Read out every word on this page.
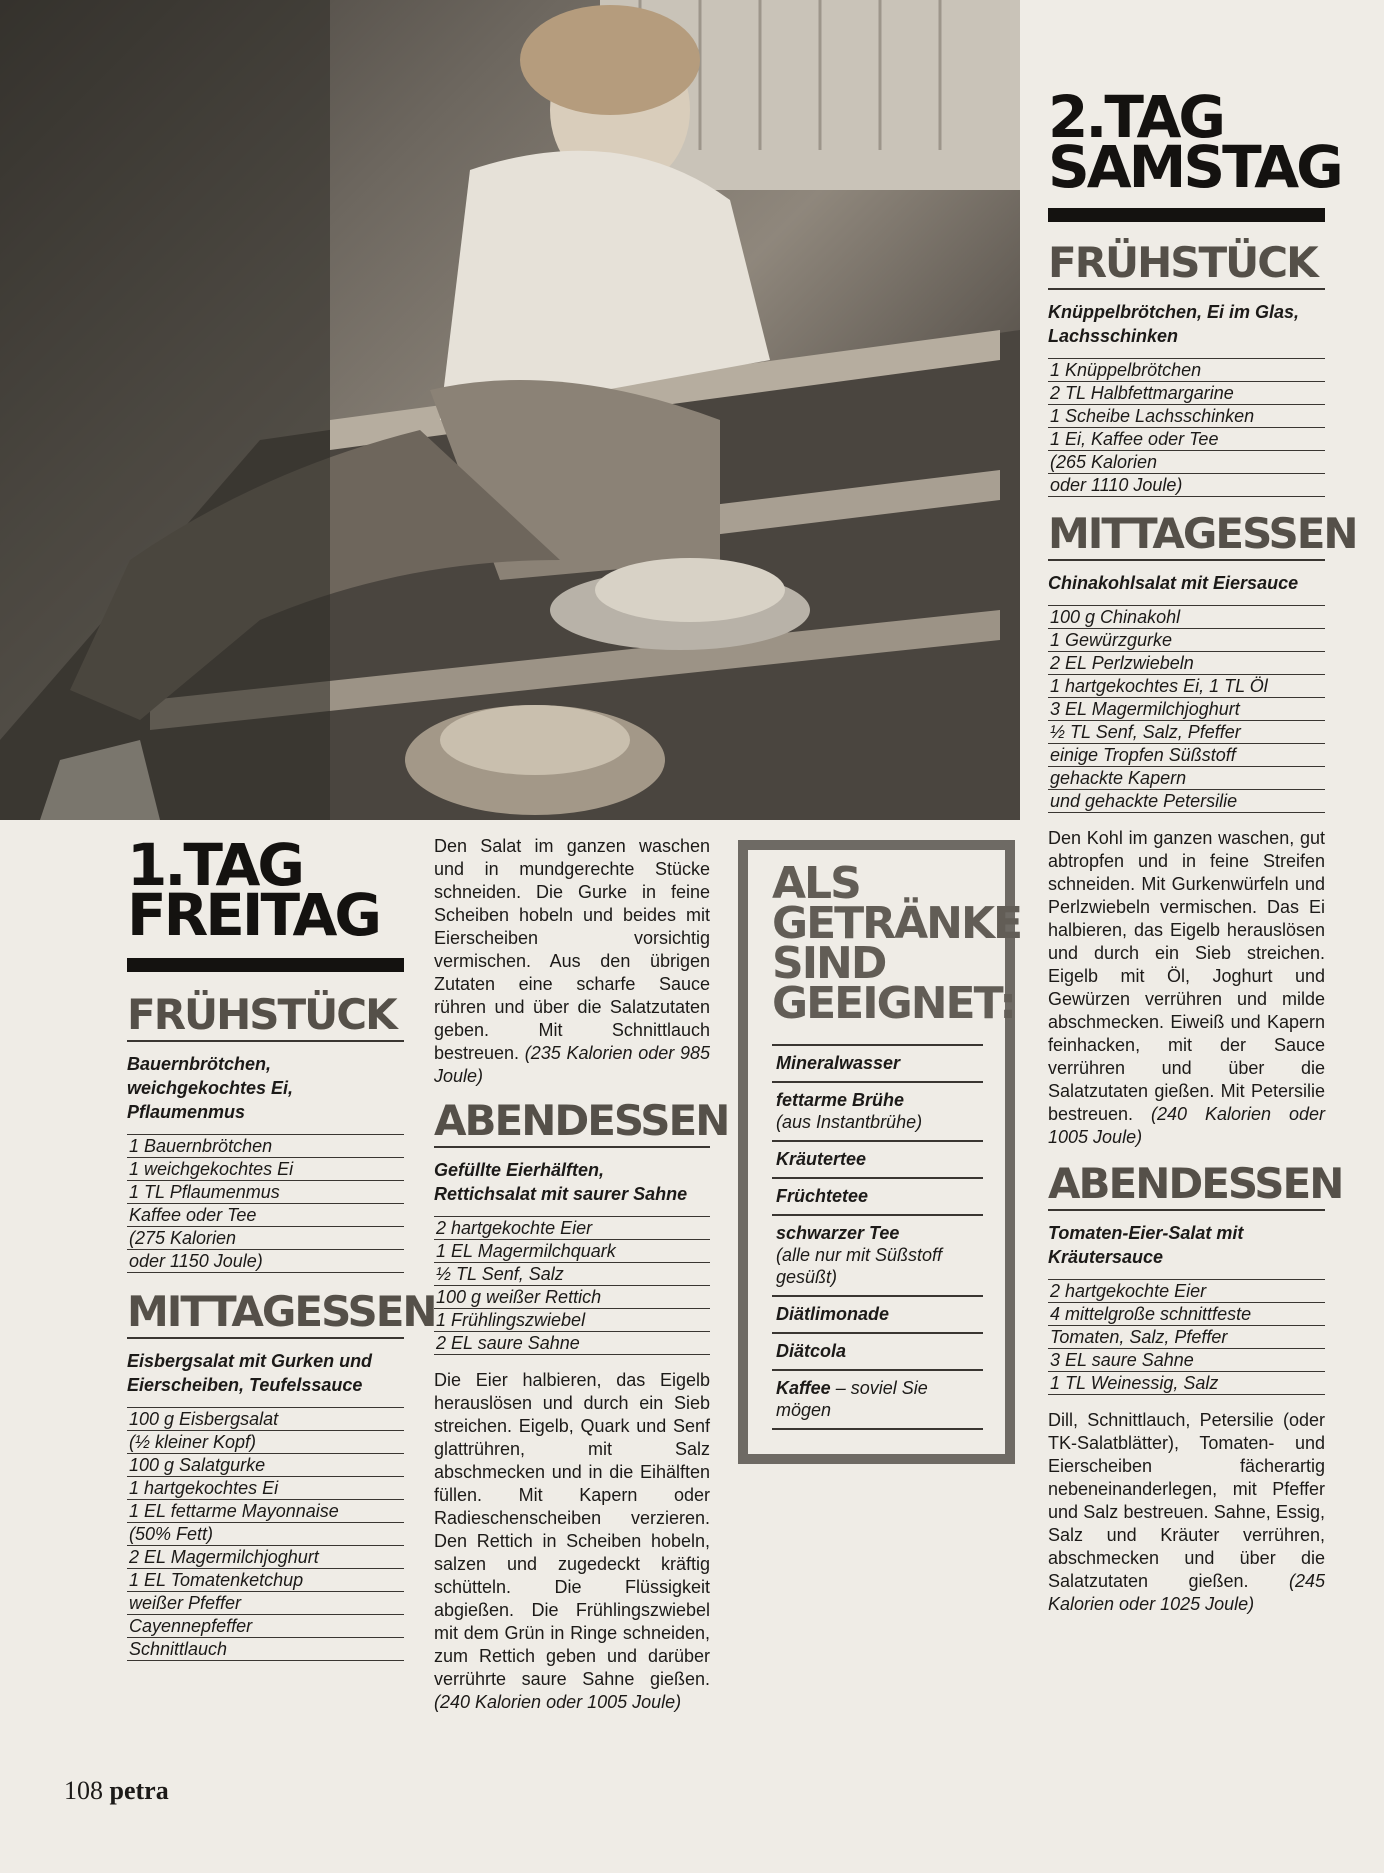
1.TAG
FREITAG
FRÜHSTÜCK
Bauernbrötchen, weichgekochtes Ei, Pflaumenmus
1 Bauernbrötchen
1 weichgekochtes Ei
1 TL Pflaumenmus
Kaffee oder Tee
(275 Kalorien
oder 1150 Joule)
MITTAGESSEN
Eisbergsalat mit Gurken und Eierscheiben, Teufelssauce
100 g Eisbergsalat
(½ kleiner Kopf)
100 g Salatgurke
1 hartgekochtes Ei
1 EL fettarme Mayonnaise
(50% Fett)
2 EL Magermilchjoghurt
1 EL Tomatenketchup
weißer Pfeffer
Cayennepfeffer
Schnittlauch

Den Salat im ganzen waschen und in mundgerechte Stücke schneiden. Die Gurke in feine Scheiben hobeln und beides mit Eierscheiben vorsichtig vermischen. Aus den übrigen Zutaten eine scharfe Sauce rühren und über die Salatzutaten geben. Mit Schnittlauch bestreuen. (235 Kalorien oder 985 Joule)

ABENDESSEN
Gefüllte Eierhälften, Rettichsalat mit saurer Sahne
2 hartgekochte Eier
1 EL Magermilchquark
½ TL Senf, Salz
100 g weißer Rettich
1 Frühlingszwiebel
2 EL saure Sahne

Die Eier halbieren, das Eigelb herauslösen und durch ein Sieb streichen. Eigelb, Quark und Senf glattrühren, mit Salz abschmecken und in die Eihälften füllen. Mit Kapern oder Radieschenscheiben verzieren. Den Rettich in Scheiben hobeln, salzen und zugedeckt kräftig schütteln. Die Flüssigkeit abgießen. Die Frühlingszwiebel mit dem Grün in Ringe schneiden, zum Rettich geben und darüber verrührte saure Sahne gießen. (240 Kalorien oder 1005 Joule)

ALS GETRÄNKE SIND GEEIGNET:
Mineralwasser
fettarme Brühe
(aus Instantbrühe)
Kräutertee
Früchtetee
schwarzer Tee
(alle nur mit Süßstoff gesüßt)
Diätlimonade
Diätcola
Kaffee – soviel Sie mögen
2.TAG
SAMSTAG
FRÜHSTÜCK
Knüppelbrötchen, Ei im Glas, Lachsschinken
1 Knüppelbrötchen
2 TL Halbfettmargarine
1 Scheibe Lachsschinken
1 Ei, Kaffee oder Tee
(265 Kalorien
oder 1110 Joule)
MITTAGESSEN
Chinakohlsalat mit Eiersauce
100 g Chinakohl
1 Gewürzgurke
2 EL Perlzwiebeln
1 hartgekochtes Ei, 1 TL Öl
3 EL Magermilchjoghurt
½ TL Senf, Salz, Pfeffer
einige Tropfen Süßstoff
gehackte Kapern
und gehackte Petersilie

Den Kohl im ganzen waschen, gut abtropfen und in feine Streifen schneiden. Mit Gurkenwürfeln und Perlzwiebeln vermischen. Das Ei halbieren, das Eigelb herauslösen und durch ein Sieb streichen. Eigelb mit Öl, Joghurt und Gewürzen verrühren und milde abschmecken. Eiweiß und Kapern feinhacken, mit der Sauce verrühren und über die Salatzutaten gießen. Mit Petersilie bestreuen. (240 Kalorien oder 1005 Joule)

ABENDESSEN
Tomaten-Eier-Salat mit Kräutersauce
2 hartgekochte Eier
4 mittelgroße schnittfeste
Tomaten, Salz, Pfeffer
3 EL saure Sahne
1 TL Weinessig, Salz

Dill, Schnittlauch, Petersilie (oder TK-Salatblätter), Tomaten- und Eierscheiben fächerartig nebeneinanderlegen, mit Pfeffer und Salz bestreuen. Sahne, Essig, Salz und Kräuter verrühren, abschmecken und über die Salatzutaten gießen. (245 Kalorien oder 1025 Joule)

108 petra
